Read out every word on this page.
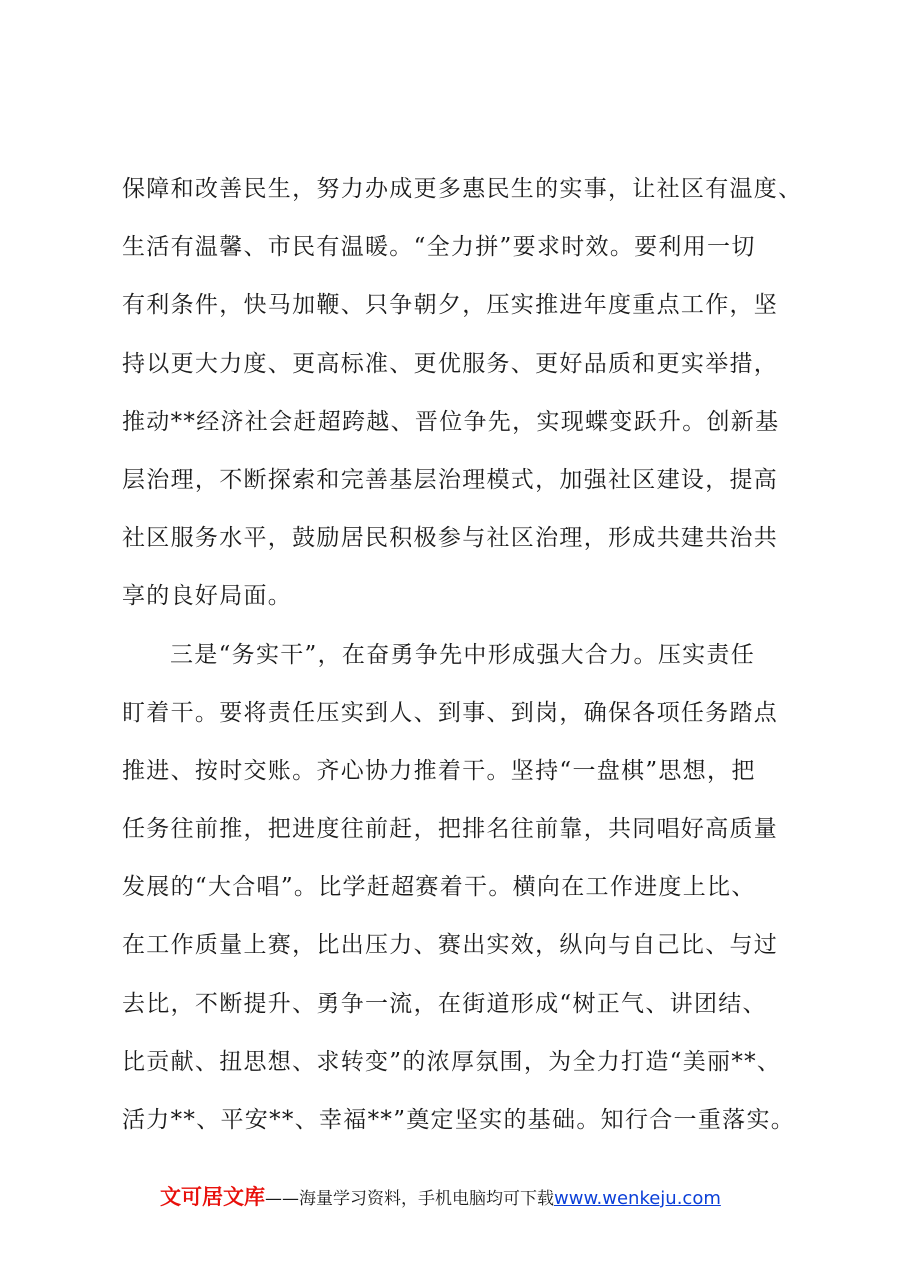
保障和改善民生，努力办成更多惠民生的实事，让社区有温度、
生活有温馨、市民有温暖。“全力拼”要求时效。要利用一切
有利条件，快马加鞭、只争朝夕，压实推进年度重点工作，坚
持以更大力度、更高标准、更优服务、更好品质和更实举措，
推动**经济社会赶超跨越、晋位争先，实现蝶变跃升。创新基
层治理，不断探索和完善基层治理模式，加强社区建设，提高
社区服务水平，鼓励居民积极参与社区治理，形成共建共治共
享的良好局面。
三是“务实干”，在奋勇争先中形成强大合力。压实责任
盯着干。要将责任压实到人、到事、到岗，确保各项任务踏点
推进、按时交账。齐心协力推着干。坚持“一盘棋”思想，把
任务往前推，把进度往前赶，把排名往前靠，共同唱好高质量
发展的“大合唱”。比学赶超赛着干。横向在工作进度上比、
在工作质量上赛，比出压力、赛出实效，纵向与自己比、与过
去比，不断提升、勇争一流，在街道形成“树正气、讲团结、
比贡献、扭思想、求转变”的浓厚氛围，为全力打造“美丽**、
活力**、平安**、幸福**”奠定坚实的基础。知行合一重落实。
文可居文库——海量学习资料，手机电脑均可下载www.wenkeju.com
